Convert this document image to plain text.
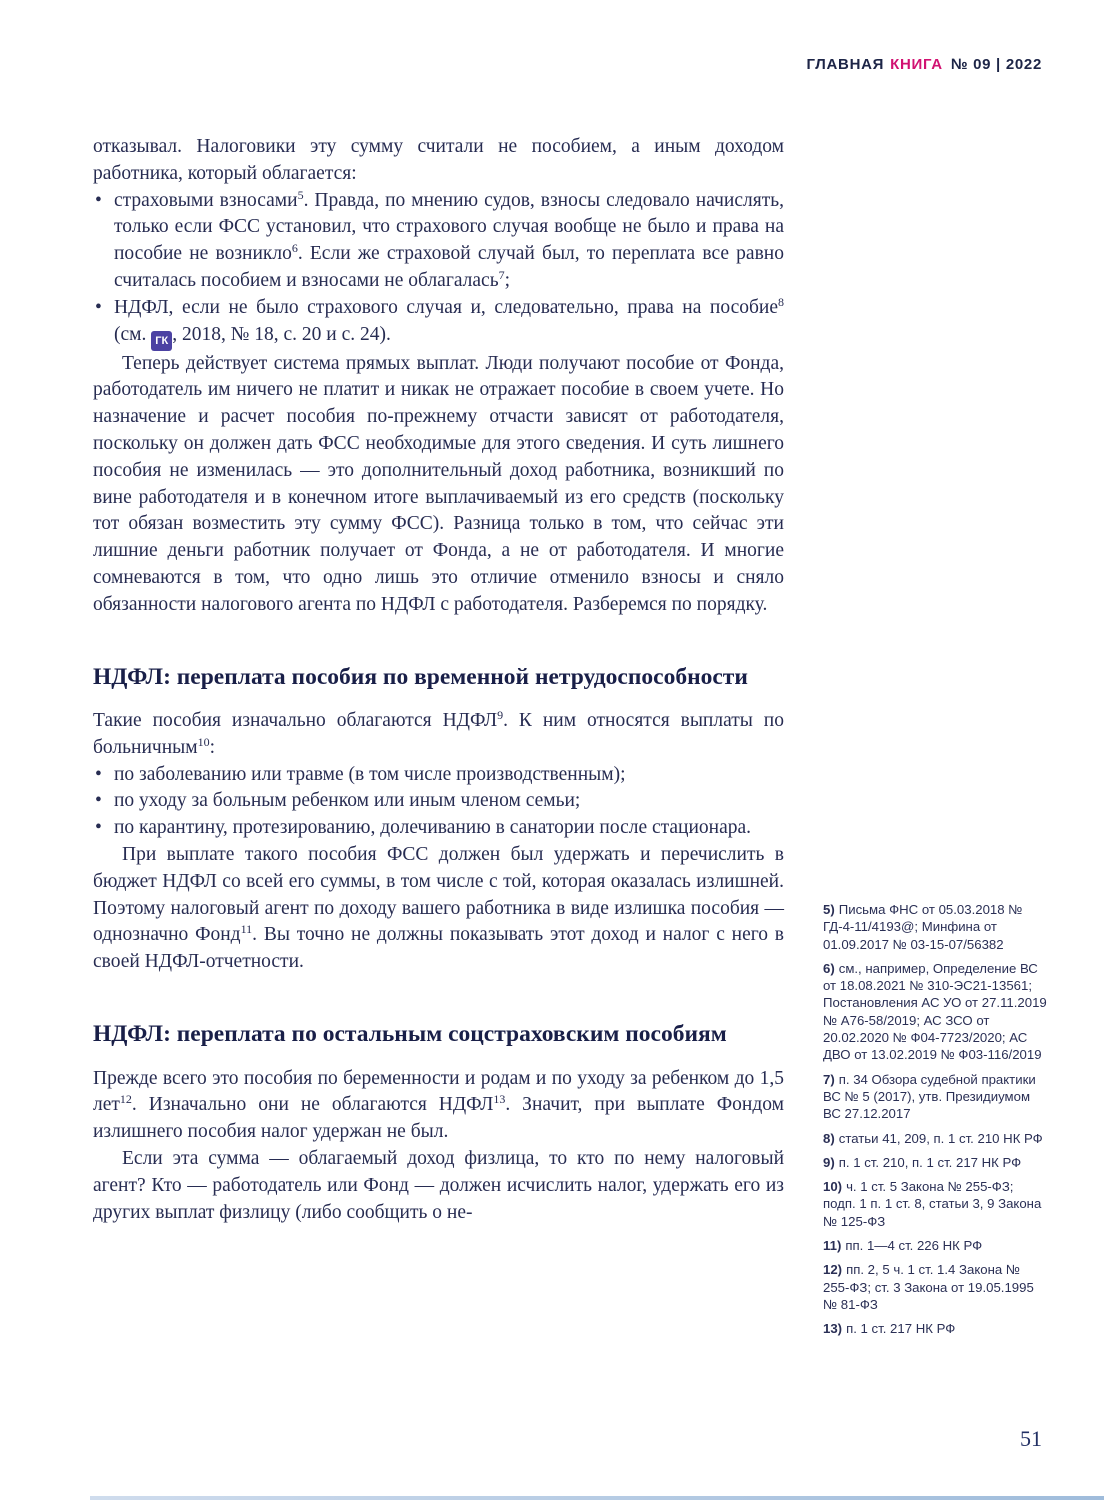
ГЛАВНАЯ КНИГА № 09 | 2022

отказывал. Налоговики эту сумму считали не пособием, а иным доходом работника, который облагается:

• страховыми взносами$^5$. Правда, по мнению судов, взносы следовало начислять, только если ФСС установил, что страхового случая вообще не было и права на пособие не возникло$^6$. Если же страховой случай был, то переплата все равно считалась пособием и взносами не облагалась$^7$;
• НДФЛ, если не было страхового случая и, следовательно, права на пособие$^8$ (см. ГК , 2018, № 18, с. 20 и с. 24).

Теперь действует система прямых выплат. Люди получают пособие от Фонда, работодатель им ничего не платит и никак не отражает пособие в своем учете. Но назначение и расчет пособия по-прежнему отчасти зависят от работодателя, поскольку он должен дать ФСС необходимые для этого сведения. И суть лишнего пособия не изменилась — это дополнительный доход работника, возникший по вине работодателя и в конечном итоге выплачиваемый из его средств (поскольку тот обязан возместить эту сумму ФСС). Разница только в том, что сейчас эти лишние деньги работник получает от Фонда, а не от работодателя. И многие сомневаются в том, что одно лишь это отличие отменило взносы и сняло обязанности налогового агента по НДФЛ с работодателя. Разберемся по порядку.

НДФЛ: переплата пособия по временной нетрудоспособности

Такие пособия изначально облагаются НДФЛ$^9$. К ним относятся выплаты по больничным$^{10}$:

• по заболеванию или травме (в том числе производственным);
• по уходу за больным ребенком или иным членом семьи;
• по карантину, протезированию, долечиванию в санатории после стационара.

При выплате такого пособия ФСС должен был удержать и перечислить в бюджет НДФЛ со всей его суммы, в том числе с той, которая оказалась излишней. Поэтому налоговый агент по доходу вашего работника в виде излишка пособия — однозначно Фонд$^{11}$. Вы точно не должны показывать этот доход и налог с него в своей НДФЛ-отчетности.

НДФЛ: переплата по остальным соцстраховским пособиям

Прежде всего это пособия по беременности и родам и по уходу за ребенком до 1,5 лет$^{12}$. Изначально они не облагаются НДФЛ$^{13}$. Значит, при выплате Фондом излишнего пособия налог удержан не был.

Если эта сумма — облагаемый доход физлица, то кто по нему налоговый агент? Кто — работодатель или Фонд — должен исчислить налог, удержать его из других выплат физлицу (либо сообщить о не-

5) Письма ФНС от 05.03.2018 № ГД-4-11/4193@; Минфина от 01.09.2017 № 03-15-07/56382
6) см., например, Определение ВС от 18.08.2021 № 310-ЭС21-13561; Постановления АС УО от 27.11.2019 № А76-58/2019; АС ЗСО от 20.02.2020 № Ф04-7723/2020; АС ДВО от 13.02.2019 № Ф03-116/2019
7) п. 34 Обзора судебной практики ВС № 5 (2017), утв. Президиумом ВС 27.12.2017
8) статьи 41, 209, п. 1 ст. 210 НК РФ
9) п. 1 ст. 210, п. 1 ст. 217 НК РФ
10) ч. 1 ст. 5 Закона № 255-ФЗ; подп. 1 п. 1 ст. 8, статьи 3, 9 Закона № 125-ФЗ
11) пп. 1—4 ст. 226 НК РФ
12) пп. 2, 5 ч. 1 ст. 1.4 Закона № 255-ФЗ; ст. 3 Закона от 19.05.1995 № 81-ФЗ
13) п. 1 ст. 217 НК РФ
51
